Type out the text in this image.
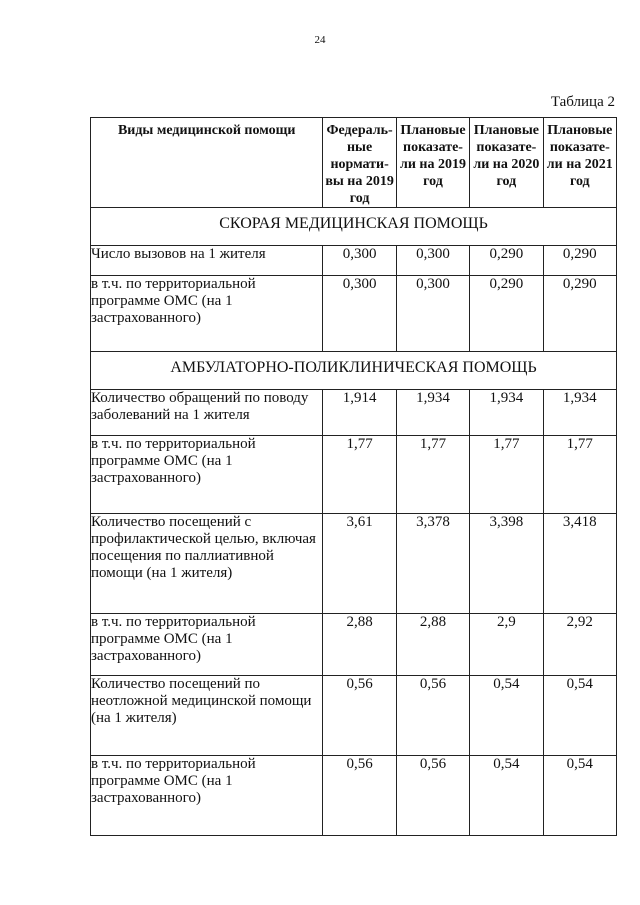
24
Таблица 2
Виды медицинской помощи	Федераль-ные нормати-вы на 2019 год	Плановые показате-ли на 2019 год	Плановые показате-ли на 2020 год	Плановые показате-ли на 2021 год
СКОРАЯ МЕДИЦИНСКАЯ ПОМОЩЬ				
Число вызовов на 1 жителя	0,300	0,300	0,290	0,290
в т.ч. по территориальной программе ОМС (на 1 застрахованного)	0,300	0,300	0,290	0,290
АМБУЛАТОРНО-ПОЛИКЛИНИЧЕСКАЯ ПОМОЩЬ				
Количество обращений по поводу заболеваний на 1 жителя	1,914	1,934	1,934	1,934
в т.ч. по территориальной программе ОМС (на 1 застрахованного)	1,77	1,77	1,77	1,77
Количество посещений с профилактической целью, включая посещения по паллиативной помощи (на 1 жителя)	3,61	3,378	3,398	3,418
в т.ч. по территориальной программе ОМС (на 1 застрахованного)	2,88	2,88	2,9	2,92
Количество посещений по неотложной медицинской помощи (на 1 жителя)	0,56	0,56	0,54	0,54
в т.ч. по территориальной программе ОМС (на 1 застрахованного)	0,56	0,56	0,54	0,54
